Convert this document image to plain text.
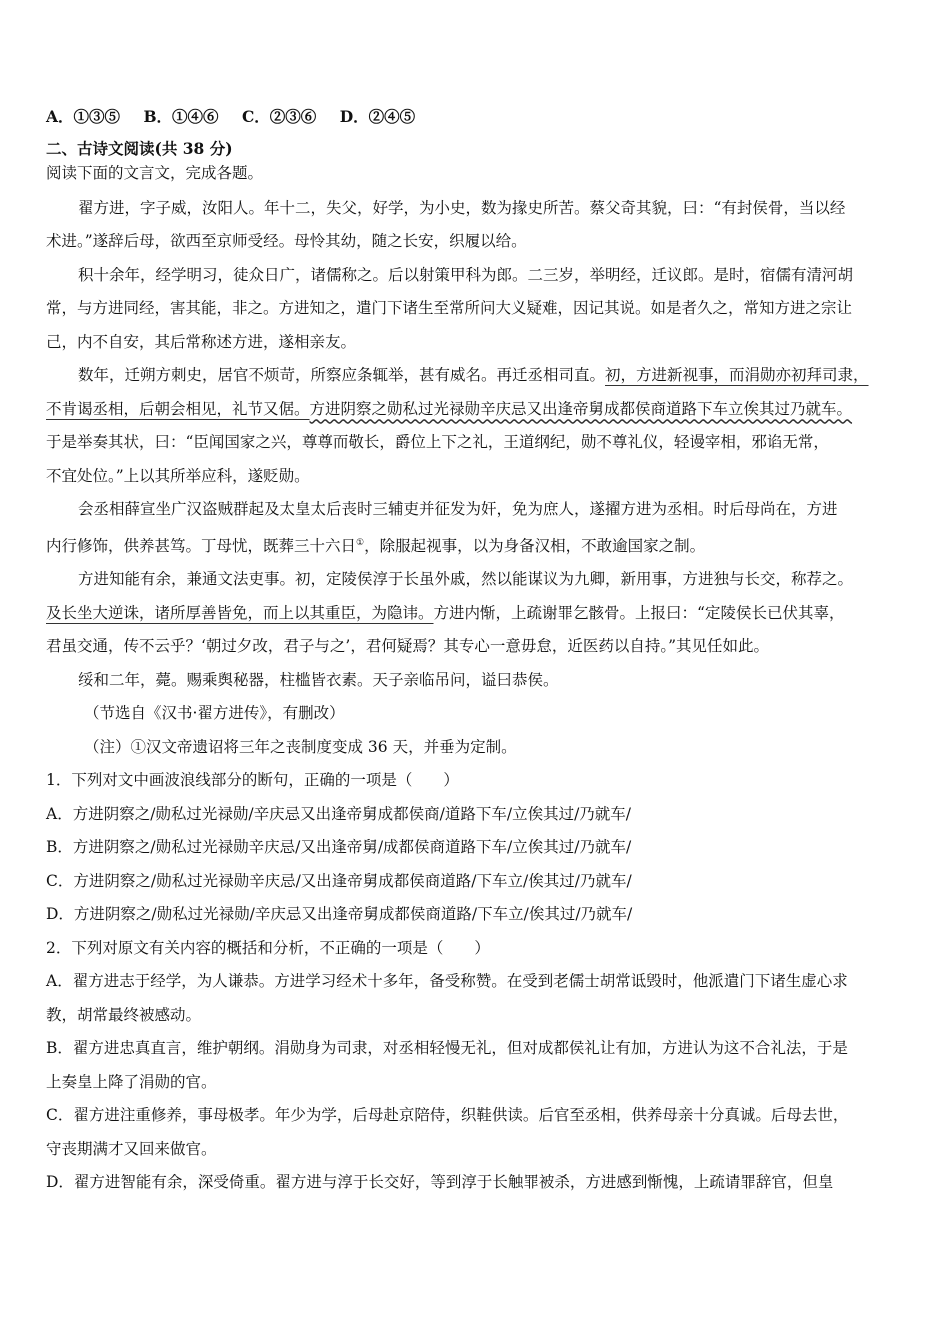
A．①③⑤ B．①④⑥ C．②③⑥ D．②④⑤
二、古诗文阅读(共 38 分)
阅读下面的文言文，完成各题。
翟方进，字子威，汝阳人。年十二，失父，好学，为小史，数为掾史所苦。蔡父奇其貌，曰：“有封侯骨，当以经
术进。”遂辞后母，欲西至京师受经。母怜其幼，随之长安，织履以给。
积十余年，经学明习，徒众日广，诸儒称之。后以射策甲科为郎。二三岁，举明经，迁议郎。是时，宿儒有清河胡
常，与方进同经，害其能，非之。方进知之，遣门下诸生至常所问大义疑难，因记其说。如是者久之，常知方进之宗让
己，内不自安，其后常称述方进，遂相亲友。
数年，迁朔方刺史，居官不烦苛，所察应条辄举，甚有威名。再迁丞相司直。初，方进新视事，而涓勋亦初拜司隶，
不肯谒丞相，后朝会相见，礼节又倨。方进阴察之勋私过光禄勋辛庆忌又出逢帝舅成都侯商道路下车立俟其过乃就车。
于是举奏其状，曰：“臣闻国家之兴，尊尊而敬长，爵位上下之礼，王道纲纪，勋不尊礼仪，轻谩宰相，邪谄无常，
不宜处位。”上以其所举应科，遂贬勋。
会丞相薛宣坐广汉盗贼群起及太皇太后丧时三辅吏并征发为奸，免为庶人，遂擢方进为丞相。时后母尚在，方进
内行修饰，供养甚笃。丁母忧，既葬三十六日①，除服起视事，以为身备汉相，不敢逾国家之制。
方进知能有余，兼通文法吏事。初，定陵侯淳于长虽外戚，然以能谋议为九卿，新用事，方进独与长交，称荐之。
及长坐大逆诛，诸所厚善皆免，而上以其重臣，为隐讳。方进内惭，上疏谢罪乞骸骨。上报曰：“定陵侯长已伏其辜，
君虽交通，传不云乎？‘朝过夕改，君子与之’，君何疑焉？其专心一意毋怠，近医药以自持。”其见任如此。
绥和二年，薨。赐乘舆秘器，柱槛皆衣素。天子亲临吊问，谥曰恭侯。
（节选自《汉书·翟方进传》，有删改）
（注）①汉文帝遗诏将三年之丧制度变成 36 天，并垂为定制。
1．下列对文中画波浪线部分的断句，正确的一项是（　　）
A．方进阴察之/勋私过光禄勋/辛庆忌又出逢帝舅成都侯商/道路下车/立俟其过/乃就车/
B．方进阴察之/勋私过光禄勋辛庆忌/又出逢帝舅/成都侯商道路下车/立俟其过/乃就车/
C．方进阴察之/勋私过光禄勋辛庆忌/又出逢帝舅成都侯商道路/下车立/俟其过/乃就车/
D．方进阴察之/勋私过光禄勋/辛庆忌又出逢帝舅成都侯商道路/下车立/俟其过/乃就车/
2．下列对原文有关内容的概括和分析，不正确的一项是（　　）
A．翟方进志于经学，为人谦恭。方进学习经术十多年，备受称赞。在受到老儒士胡常诋毁时，他派遣门下诸生虚心求
教，胡常最终被感动。
B．翟方进忠真直言，维护朝纲。涓勋身为司隶，对丞相轻慢无礼，但对成都侯礼让有加，方进认为这不合礼法，于是
上奏皇上降了涓勋的官。
C．翟方进注重修养，事母极孝。年少为学，后母赴京陪侍，织鞋供读。后官至丞相，供养母亲十分真诚。后母去世，
守丧期满才又回来做官。
D．翟方进智能有余，深受倚重。翟方进与淳于长交好，等到淳于长触罪被杀，方进感到惭愧，上疏请罪辞官，但皇
